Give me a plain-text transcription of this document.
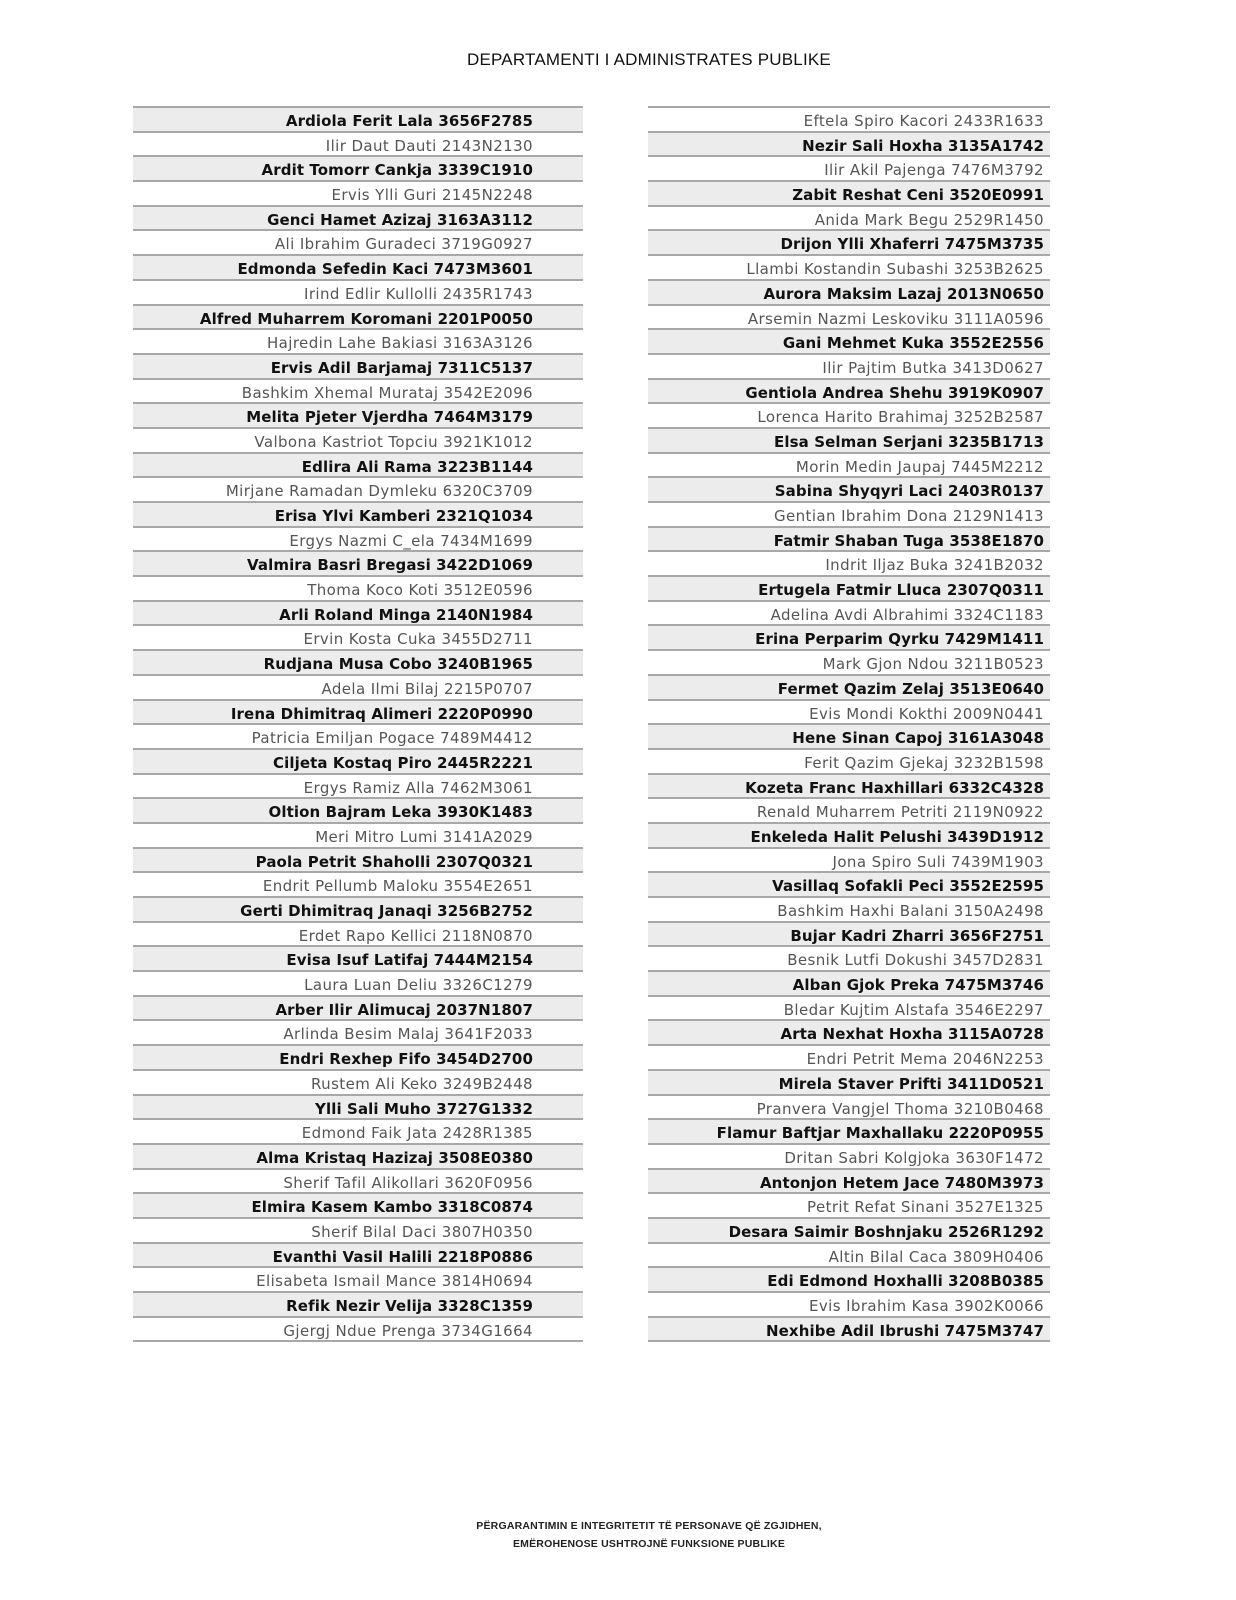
DEPARTAMENTI I ADMINISTRATES PUBLIKE
Ardiola Ferit Lala 3656F2785
Ilir Daut Dauti 2143N2130
Ardit Tomorr Cankja 3339C1910
Ervis Ylli Guri 2145N2248
Genci Hamet Azizaj 3163A3112
Ali Ibrahim Guradeci 3719G0927
Edmonda Sefedin Kaci 7473M3601
Irind Edlir Kullolli 2435R1743
Alfred Muharrem Koromani 2201P0050
Hajredin Lahe Bakiasi 3163A3126
Ervis Adil Barjamaj 7311C5137
Bashkim Xhemal Murataj 3542E2096
Melita Pjeter Vjerdha 7464M3179
Valbona Kastriot Topciu 3921K1012
Edlira Ali Rama 3223B1144
Mirjane Ramadan Dymleku 6320C3709
Erisa Ylvi Kamberi 2321Q1034
Ergys Nazmi C_ela 7434M1699
Valmira Basri Bregasi 3422D1069
Thoma Koco Koti 3512E0596
Arli Roland Minga 2140N1984
Ervin Kosta Cuka 3455D2711
Rudjana Musa Cobo 3240B1965
Adela Ilmi Bilaj 2215P0707
Irena Dhimitraq Alimeri 2220P0990
Patricia Emiljan Pogace 7489M4412
Ciljeta Kostaq Piro 2445R2221
Ergys Ramiz Alla 7462M3061
Oltion Bajram Leka 3930K1483
Meri Mitro Lumi 3141A2029
Paola Petrit Shaholli 2307Q0321
Endrit Pellumb Maloku 3554E2651
Gerti Dhimitraq Janaqi 3256B2752
Erdet Rapo Kellici 2118N0870
Evisa Isuf Latifaj 7444M2154
Laura Luan Deliu 3326C1279
Arber Ilir Alimucaj 2037N1807
Arlinda Besim Malaj 3641F2033
Endri Rexhep Fifo 3454D2700
Rustem Ali Keko 3249B2448
Ylli Sali Muho 3727G1332
Edmond Faik Jata 2428R1385
Alma Kristaq Hazizaj 3508E0380
Sherif Tafil Alikollari 3620F0956
Elmira Kasem Kambo 3318C0874
Sherif Bilal Daci 3807H0350
Evanthi Vasil Halili 2218P0886
Elisabeta Ismail Mance 3814H0694
Refik Nezir Velija 3328C1359
Gjergj Ndue Prenga 3734G1664
Eftela Spiro Kacori 2433R1633
Nezir Sali Hoxha 3135A1742
Ilir Akil Pajenga 7476M3792
Zabit Reshat Ceni 3520E0991
Anida Mark Begu 2529R1450
Drijon Ylli Xhaferri 7475M3735
Llambi Kostandin Subashi 3253B2625
Aurora Maksim Lazaj 2013N0650
Arsemin Nazmi Leskoviku 3111A0596
Gani Mehmet Kuka 3552E2556
Ilir Pajtim Butka 3413D0627
Gentiola Andrea Shehu 3919K0907
Lorenca Harito Brahimaj 3252B2587
Elsa Selman Serjani 3235B1713
Morin Medin Jaupaj 7445M2212
Sabina Shyqyri Laci 2403R0137
Gentian Ibrahim Dona 2129N1413
Fatmir Shaban Tuga 3538E1870
Indrit Iljaz Buka 3241B2032
Ertugela Fatmir Lluca 2307Q0311
Adelina Avdi Albrahimi 3324C1183
Erina Perparim Qyrku 7429M1411
Mark Gjon Ndou 3211B0523
Fermet Qazim Zelaj 3513E0640
Evis Mondi Kokthi 2009N0441
Hene Sinan Capoj 3161A3048
Ferit Qazim Gjekaj 3232B1598
Kozeta Franc Haxhillari 6332C4328
Renald Muharrem Petriti 2119N0922
Enkeleda Halit Pelushi 3439D1912
Jona Spiro Suli 7439M1903
Vasillaq Sofakli Peci 3552E2595
Bashkim Haxhi Balani 3150A2498
Bujar Kadri Zharri 3656F2751
Besnik Lutfi Dokushi 3457D2831
Alban Gjok Preka 7475M3746
Bledar Kujtim Alstafa 3546E2297
Arta Nexhat Hoxha 3115A0728
Endri Petrit Mema 2046N2253
Mirela Staver Prifti 3411D0521
Pranvera Vangjel Thoma 3210B0468
Flamur Baftjar Maxhallaku 2220P0955
Dritan Sabri Kolgjoka 3630F1472
Antonjon Hetem Jace 7480M3973
Petrit Refat Sinani 3527E1325
Desara Saimir Boshnjaku 2526R1292
Altin Bilal Caca 3809H0406
Edi Edmond Hoxhalli 3208B0385
Evis Ibrahim Kasa 3902K0066
Nexhibe Adil Ibrushi 7475M3747
PËRGARANTIMIN E INTEGRITETIT TË PERSONAVE QË ZGJIDHEN,
EMËROHENOSE USHTROJNË FUNKSIONE PUBLIKE
